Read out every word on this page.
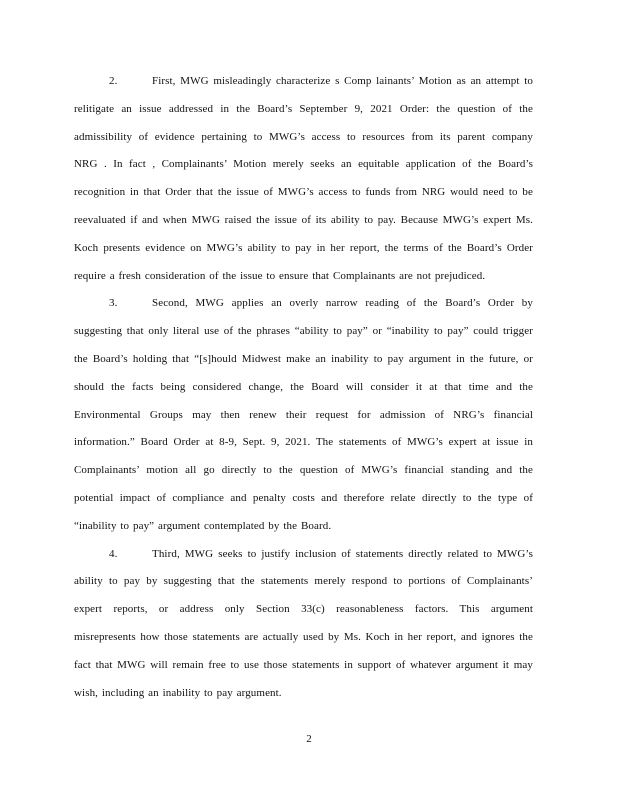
2.	First, MWG misleadingly characterize s Comp lainants’ Motion as an attempt to
relitigate an issue addressed in the Board’s September 9, 2021 Order: the question of the
admissibility of evidence pertaining to MWG’s access to resources from its parent company
NRG . In fact , Complainants’ Motion merely seeks an equitable application of the Board’s
recognition in that Order that the issue of MWG’s access to funds from NRG would need to be
reevaluated if and when MWG raised the issue of its ability to pay. Because MWG’s expert Ms.
Koch presents evidence on MWG’s ability to pay in her report, the terms of the Board’s Order
require a fresh consideration of the issue to ensure that Complainants are not prejudiced.
3.	Second, MWG applies an overly narrow reading of the Board’s Order by
suggesting that only literal use of the phrases “ability to pay” or “inability to pay” could trigger
the Board’s holding that “[s]hould Midwest make an inability to pay argument in the future, or
should the facts being considered change, the Board will consider it at that time and the
Environmental Groups may then renew their request for admission of NRG’s financial
information.” Board Order at 8-9, Sept. 9, 2021. The statements of MWG’s expert at issue in
Complainants’ motion all go directly to the question of MWG’s financial standing and the
potential impact of compliance and penalty costs and therefore relate directly to the type of
“inability to pay” argument contemplated by the Board.
4.	Third, MWG seeks to justify inclusion of statements directly related to MWG’s
ability to pay by suggesting that the statements merely respond to portions of Complainants’
expert reports, or address only Section 33(c) reasonableness factors. This argument
misrepresents how those statements are actually used by Ms. Koch in her report, and ignores the
fact that MWG will remain free to use those statements in support of whatever argument it may
wish, including an inability to pay argument.
2
